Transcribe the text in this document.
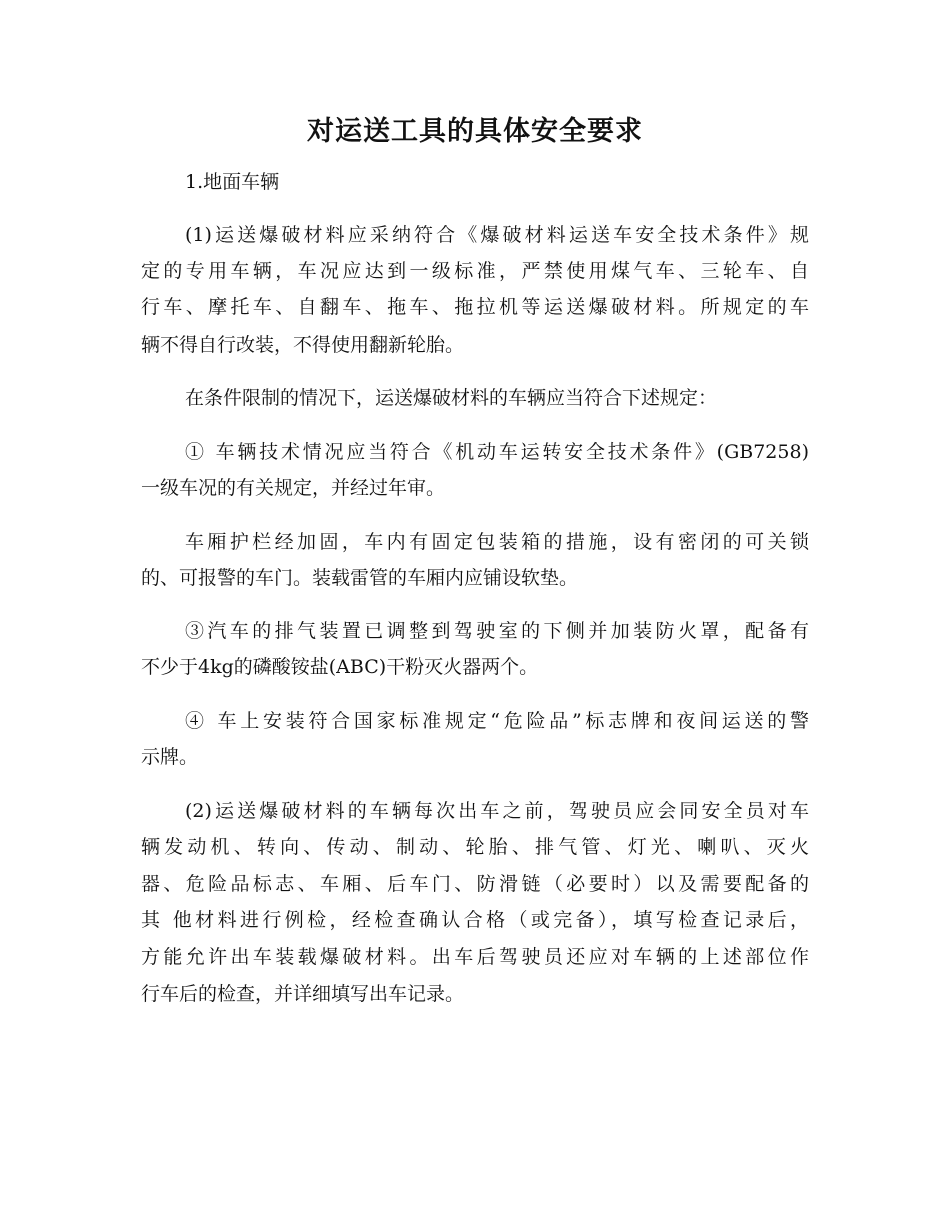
对运送工具的具体安全要求

1.地面车辆

(1)运送爆破材料应采纳符合《爆破材料运送车安全技术条件》规

定的专用车辆，车况应达到一级标准，严禁使用煤气车、三轮车、自

行车、摩托车、自翻车、拖车、拖拉机等运送爆破材料。所规定的车

辆不得自行改装，不得使用翻新轮胎。

在条件限制的情况下，运送爆破材料的车辆应当符合下述规定：

① 车辆技术情况应当符合《机动车运转安全技术条件》(GB7258)

一级车况的有关规定，并经过年审。

车厢护栏经加固，车内有固定包装箱的措施，设有密闭的可关锁

的、可报警的车门。装载雷管的车厢内应铺设软垫。

③汽车的排气装置已调整到驾驶室的下侧并加装防火罩，配备有

不少于4kg的磷酸铵盐(ABC)干粉灭火器两个。

④ 车上安装符合国家标准规定“危险品”标志牌和夜间运送的警

示牌。

(2)运送爆破材料的车辆每次出车之前，驾驶员应会同安全员对车

辆发动机、转向、传动、制动、轮胎、排气管、灯光、喇叭、灭火

器、危险品标志、车厢、后车门、防滑链（必要时）以及需要配备的

其 他材料进行例检，经检查确认合格（或完备），填写检查记录后，

方能允许出车装载爆破材料。出车后驾驶员还应对车辆的上述部位作

行车后的检查，并详细填写出车记录。
